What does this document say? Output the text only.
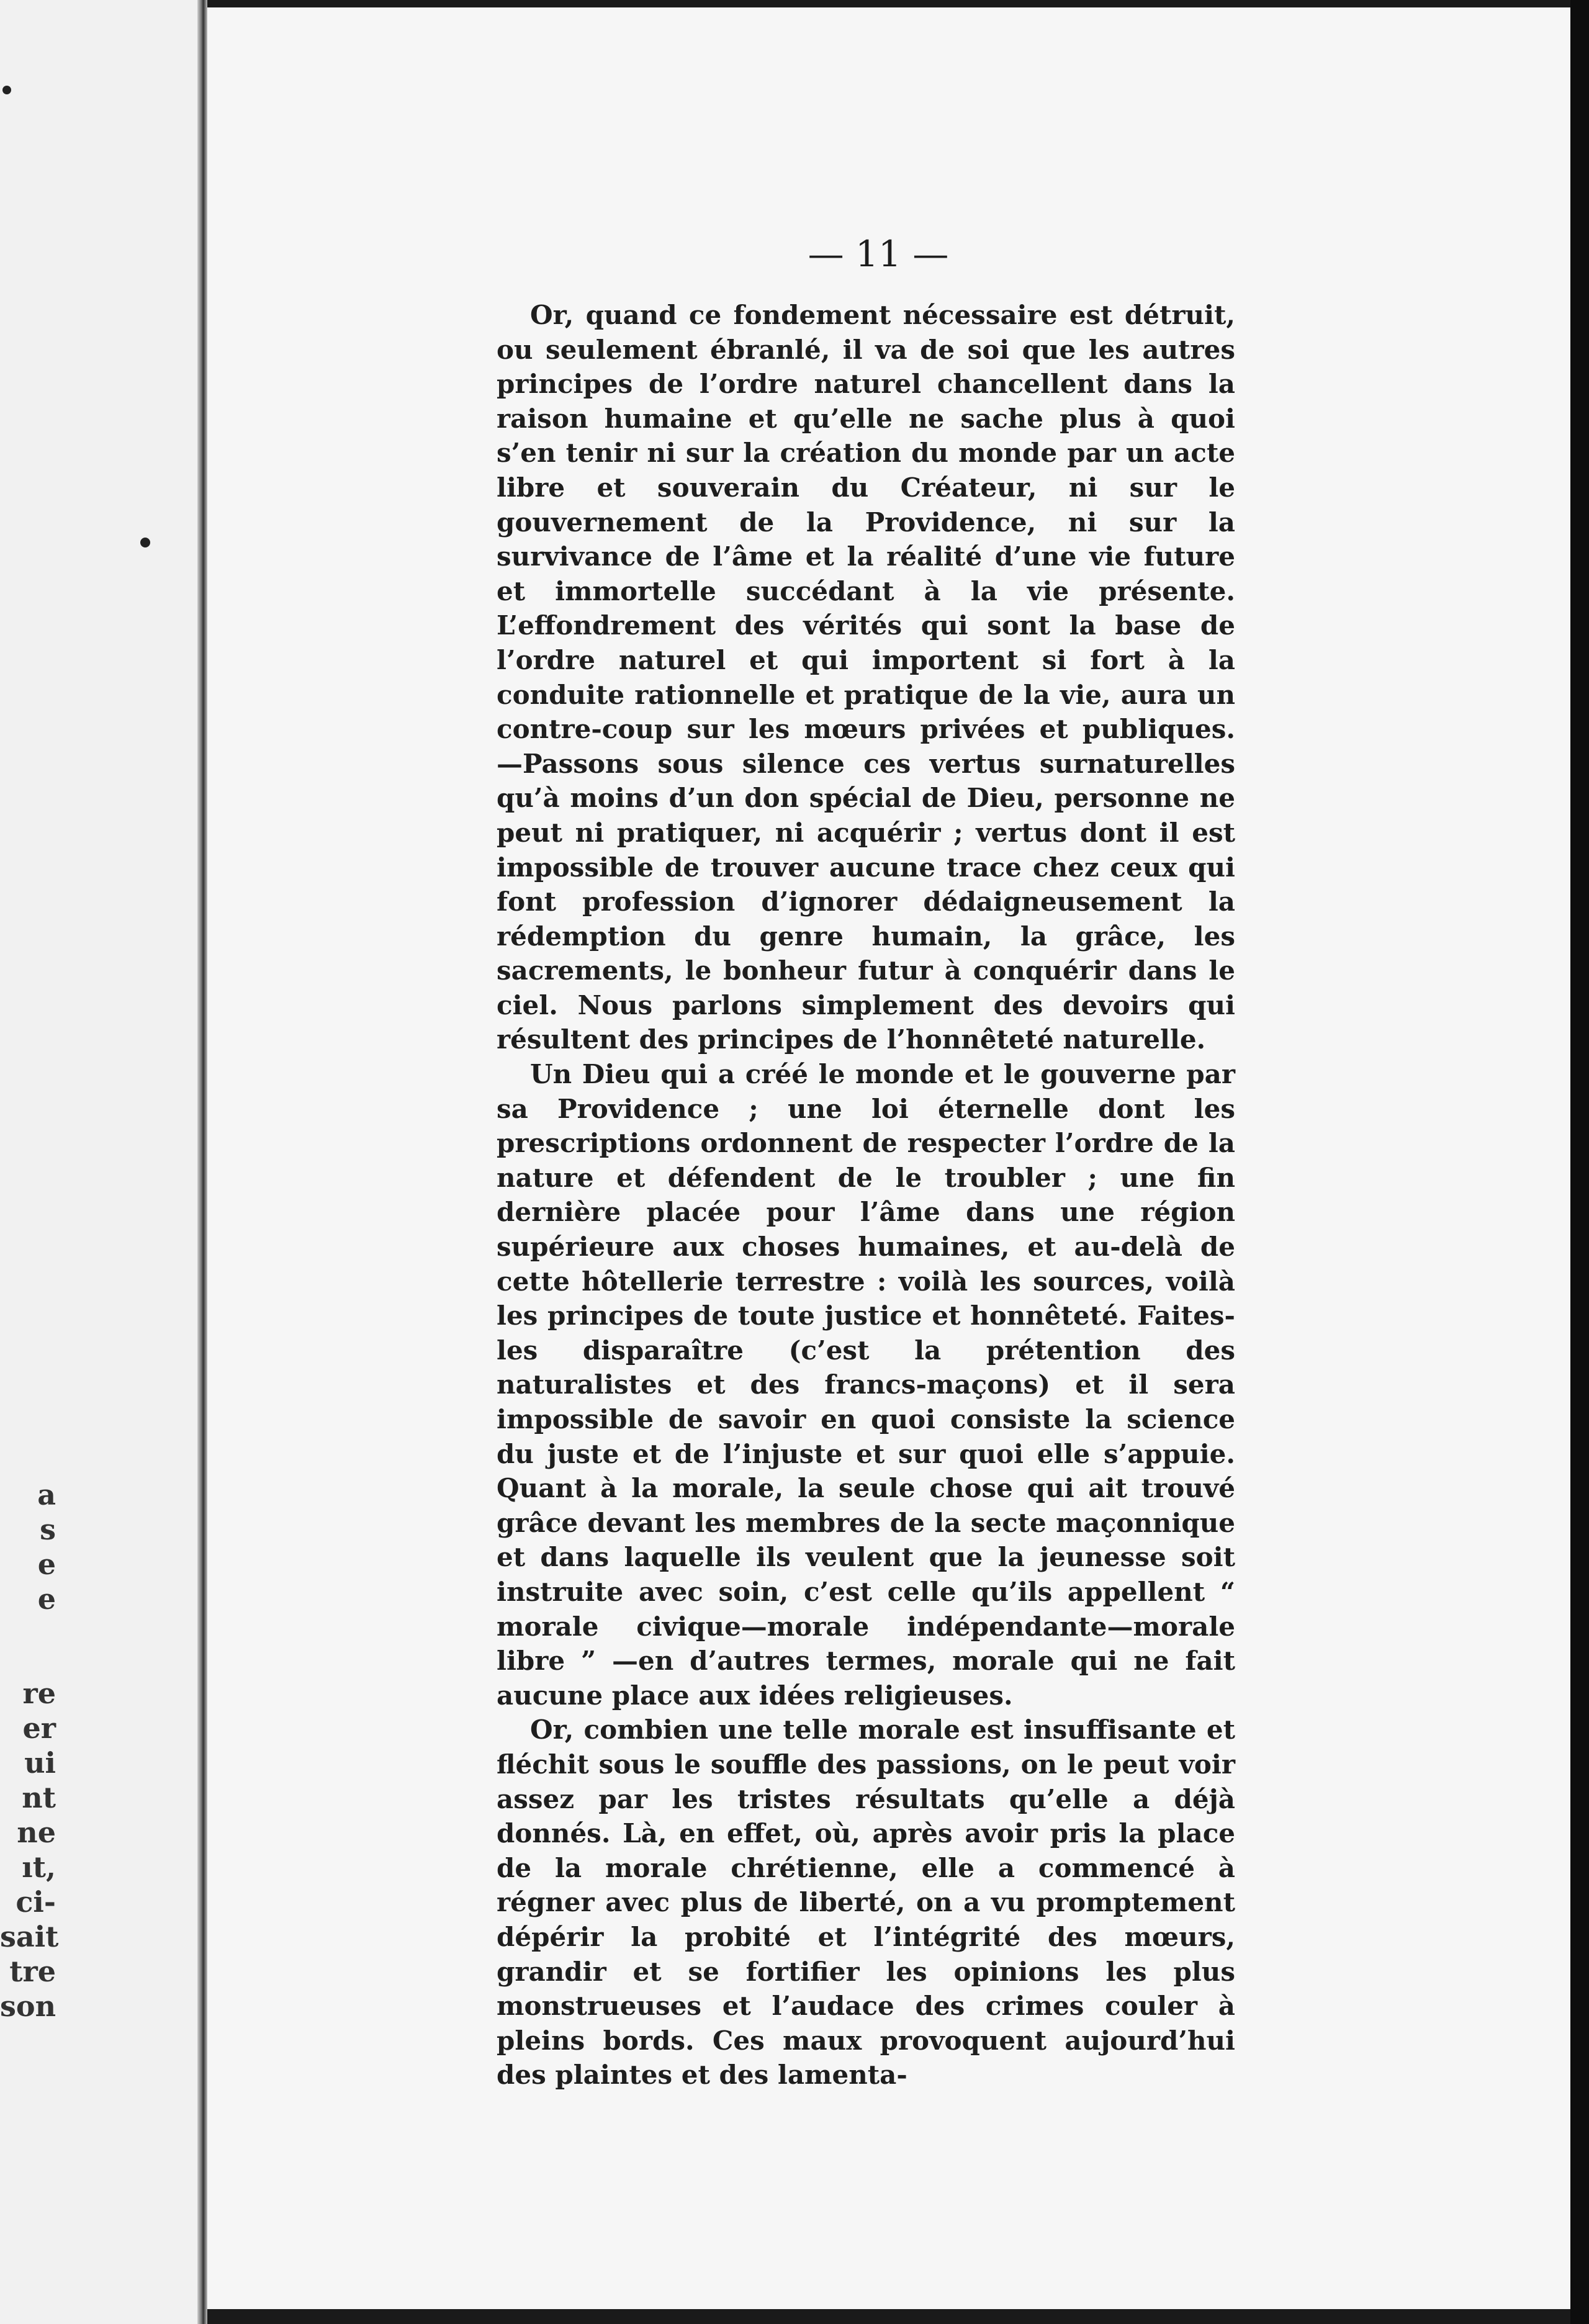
a
s
e
e
re
er
ui
nt
ne
ıt,
ci-
sait
tre
son
— 11 —

Or, quand ce fondement nécessaire est détruit, ou seulement ébranlé, il va de soi que les autres principes de l’ordre naturel chancellent dans la raison humaine et qu’elle ne sache plus à quoi s’en tenir ni sur la création du monde par un acte libre et souverain du Créateur, ni sur le gouvernement de la Providence, ni sur la survivance de l’âme et la réalité d’une vie future et immortelle succédant à la vie présente. L’effondrement des vérités qui sont la base de l’ordre naturel et qui importent si fort à la conduite rationnelle et pratique de la vie, aura un contre-coup sur les mœurs privées et publiques. —Passons sous silence ces vertus surnaturelles qu’à moins d’un don spécial de Dieu, personne ne peut ni pratiquer, ni acquérir ; vertus dont il est impossible de trouver aucune trace chez ceux qui font profession d’ignorer dédaigneusement la rédemption du genre humain, la grâce, les sacrements, le bonheur futur à conquérir dans le ciel. Nous parlons simplement des devoirs qui résultent des principes de l’honnêteté naturelle.

Un Dieu qui a créé le monde et le gouverne par sa Providence ; une loi éternelle dont les prescriptions ordonnent de respecter l’ordre de la nature et défendent de le troubler ; une fin dernière placée pour l’âme dans une région supérieure aux choses humaines, et au-delà de cette hôtellerie terrestre : voilà les sources, voilà les principes de toute justice et honnêteté. Faites-les disparaître (c’est la prétention des naturalistes et des francs-maçons) et il sera impossible de savoir en quoi consiste la science du juste et de l’injuste et sur quoi elle s’appuie. Quant à la morale, la seule chose qui ait trouvé grâce devant les membres de la secte maçonnique et dans laquelle ils veulent que la jeunesse soit instruite avec soin, c’est celle qu’ils appellent “ morale civique—morale indépendante—morale libre ” —en d’autres termes, morale qui ne fait aucune place aux idées religieuses.

Or, combien une telle morale est insuffisante et fléchit sous le souffle des passions, on le peut voir assez par les tristes résultats qu’elle a déjà donnés. Là, en effet, où, après avoir pris la place de la morale chrétienne, elle a commencé à régner avec plus de liberté, on a vu promptement dépérir la probité et l’intégrité des mœurs, grandir et se fortifier les opinions les plus monstrueuses et l’audace des crimes couler à pleins bords. Ces maux provoquent aujourd’hui des plaintes et des lamenta-
